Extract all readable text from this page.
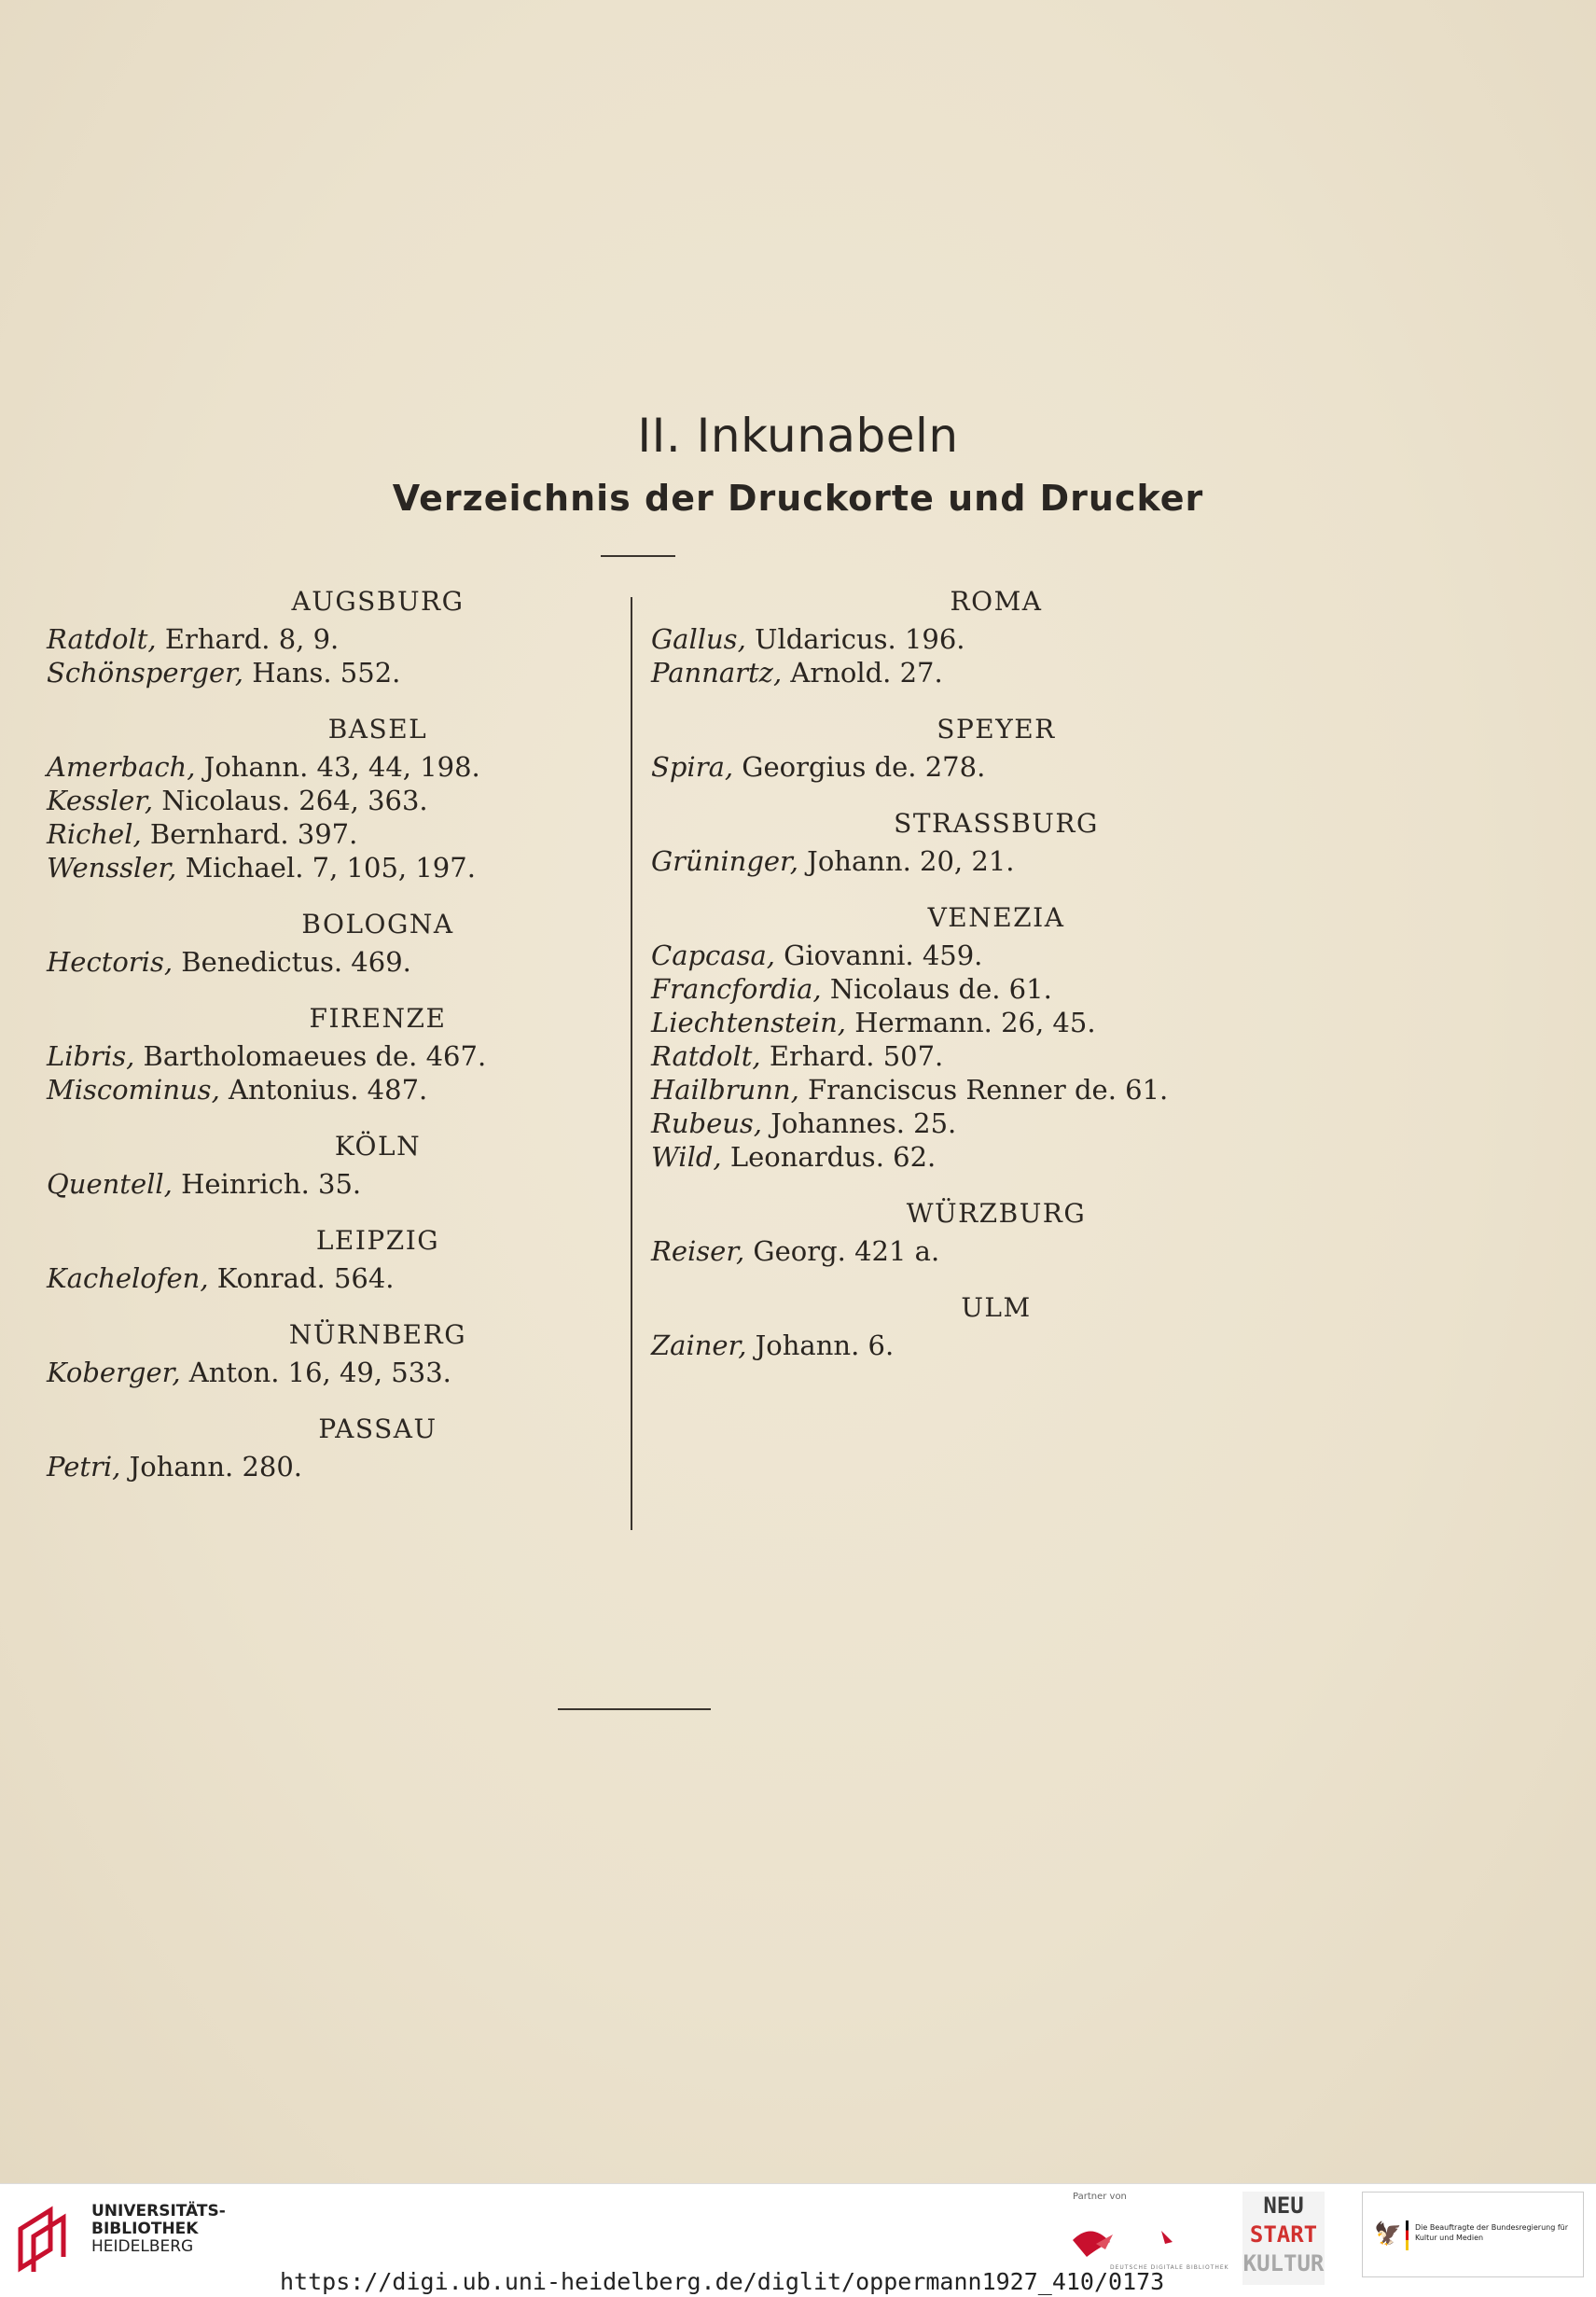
II. Inkunabeln
Verzeichnis der Druckorte und Drucker
AUGSBURG
Ratdolt, Erhard. 8, 9.
Schönsperger, Hans. 552.
BASEL
Amerbach, Johann. 43, 44, 198.
Kessler, Nicolaus. 264, 363.
Richel, Bernhard. 397.
Wenssler, Michael. 7, 105, 197.
BOLOGNA
Hectoris, Benedictus. 469.
FIRENZE
Libris, Bartholomaeues de. 467.
Miscominus, Antonius. 487.
KÖLN
Quentell, Heinrich. 35.
LEIPZIG
Kachelofen, Konrad. 564.
NÜRNBERG
Koberger, Anton. 16, 49, 533.
PASSAU
Petri, Johann. 280.
ROMA
Gallus, Uldaricus. 196.
Pannartz, Arnold. 27.
SPEYER
Spira, Georgius de. 278.
STRASSBURG
Grüninger, Johann. 20, 21.
VENEZIA
Capcasa, Giovanni. 459.
Francfordia, Nicolaus de. 61.
Liechtenstein, Hermann. 26, 45.
Ratdolt, Erhard. 507.
Hailbrunn, Franciscus Renner de. 61.
Rubeus, Johannes. 25.
Wild, Leonardus. 62.
WÜRZBURG
Reiser, Georg. 421 a.
ULM
Zainer, Johann. 6.
UNIVERSITÄTS-
BIBLIOTHEK
HEIDELBERG
Partner von
DEUTSCHE DIGITALE BIBLIOTHEK
NEU
START
KULTUR
🦅 Die Beauftragte der Bundesregierung für Kultur und Medien
https://digi.ub.uni-heidelberg.de/diglit/oppermann1927_410/0173
